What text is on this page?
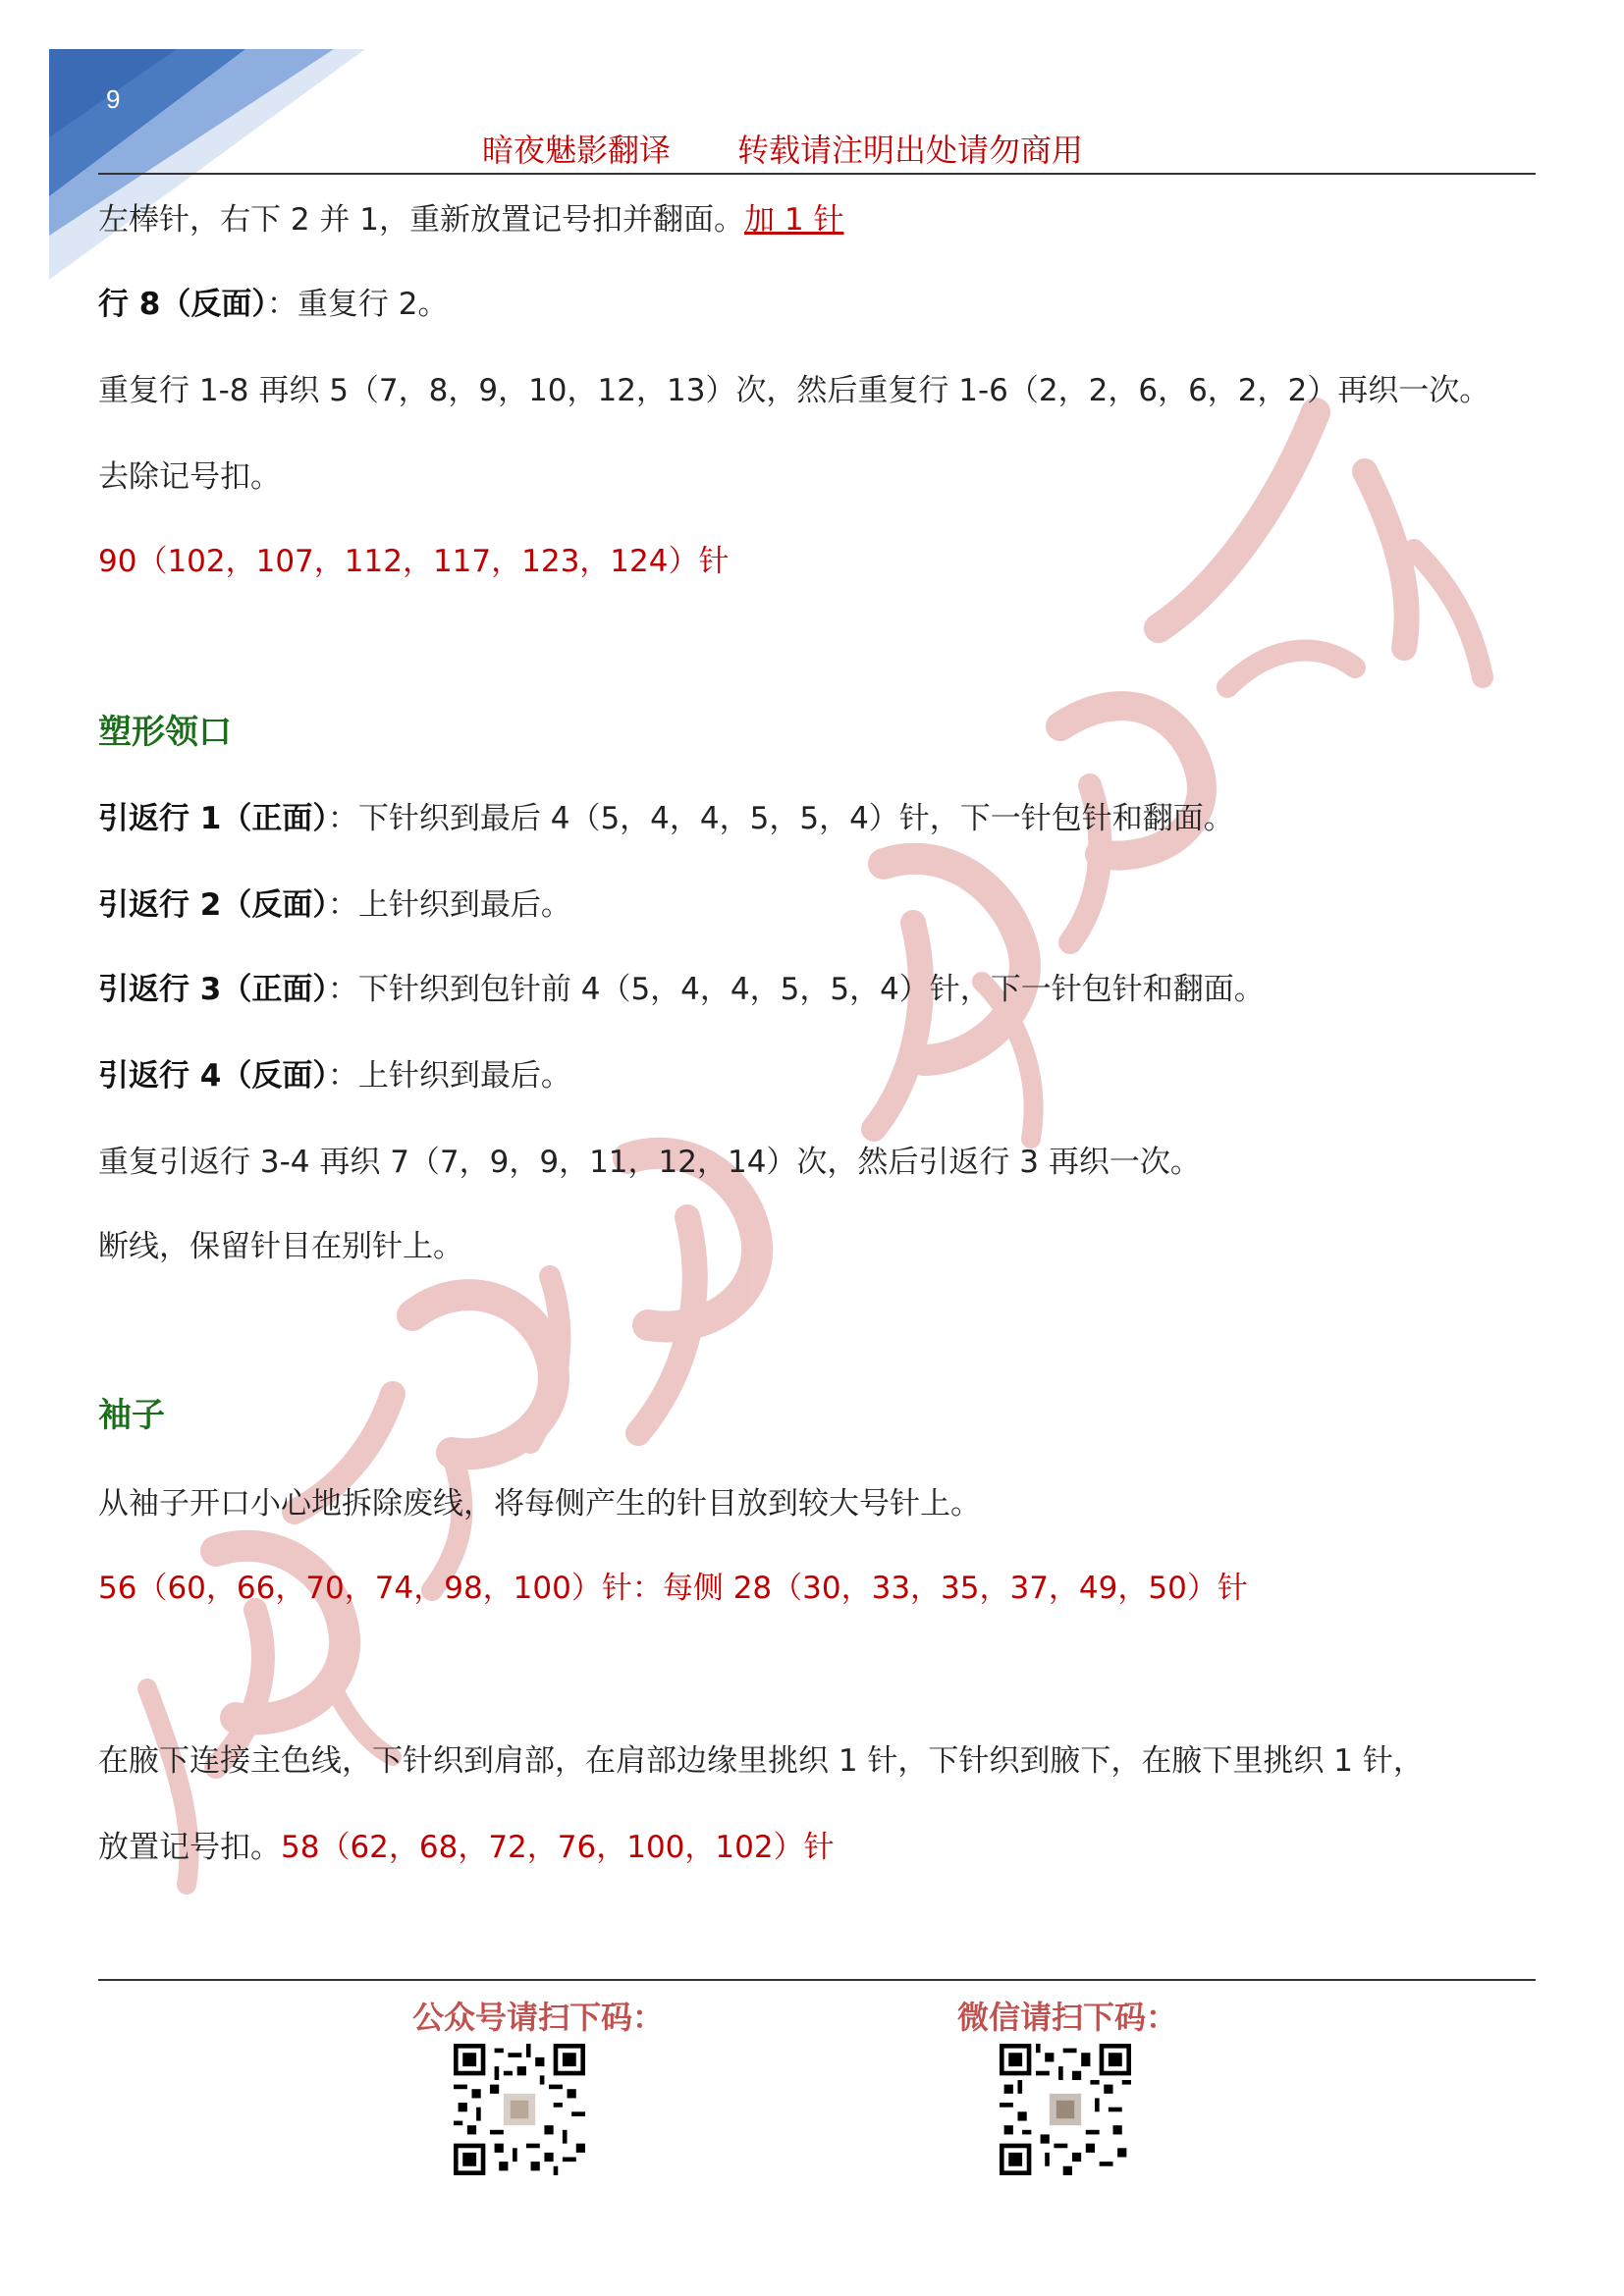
9
暗夜魅影翻译 转载请注明出处请勿商用
左棒针，右下 2 并 1，重新放置记号扣并翻面。加 1 针
行 8（反面）：重复行 2。
重复行 1-8 再织 5（7，8，9，10，12，13）次，然后重复行 1-6（2，2，6，6，2，2）再织一次。
去除记号扣。
90（102，107，112，117，123，124）针
塑形领口
引返行 1（正面）：下针织到最后 4（5，4，4，5，5，4）针，下一针包针和翻面。
引返行 2（反面）：上针织到最后。
引返行 3（正面）：下针织到包针前 4（5，4，4，5，5，4）针，下一针包针和翻面。
引返行 4（反面）：上针织到最后。
重复引返行 3-4 再织 7（7，9，9，11，12，14）次，然后引返行 3 再织一次。
断线，保留针目在别针上。
袖子
从袖子开口小心地拆除废线，将每侧产生的针目放到较大号针上。
56（60，66，70，74，98，100）针：每侧 28（30，33，35，37，49，50）针
在腋下连接主色线，下针织到肩部，在肩部边缘里挑织 1 针，下针织到腋下，在腋下里挑织 1 针，
放置记号扣。58（62，68，72，76，100，102）针
公众号请扫下码：	微信请扫下码：
